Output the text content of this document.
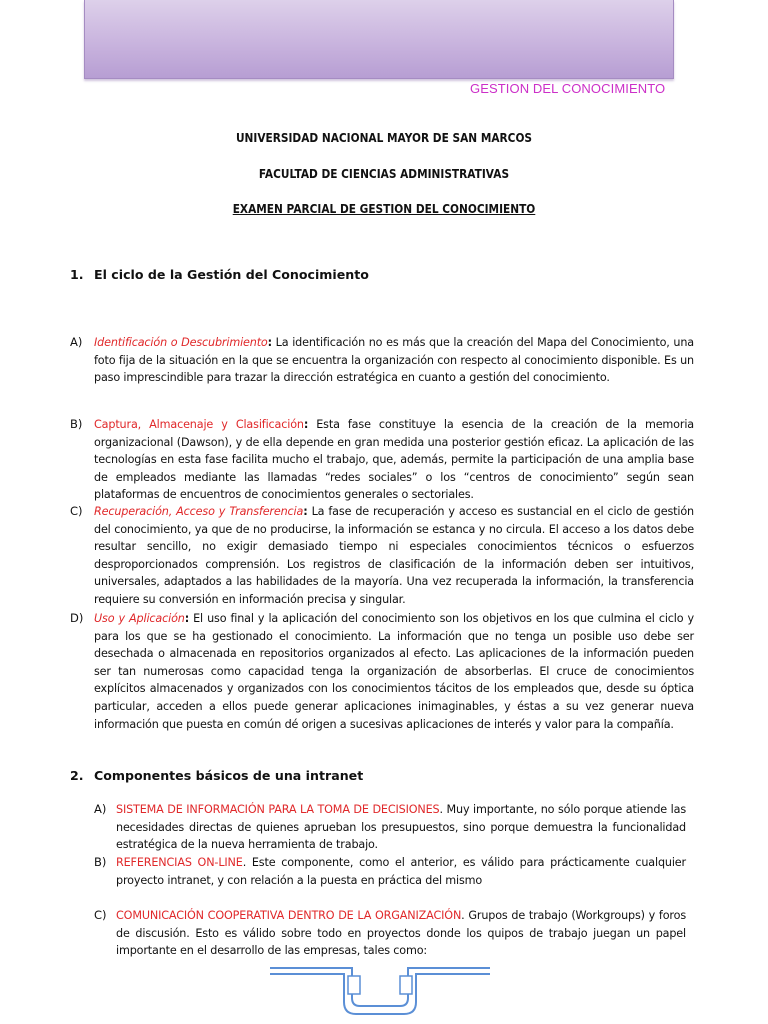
GESTION DEL CONOCIMIENTO
UNIVERSIDAD NACIONAL MAYOR DE SAN MARCOS
FACULTAD DE CIENCIAS ADMINISTRATIVAS
EXAMEN PARCIAL DE GESTION DEL CONOCIMIENTO
1. El ciclo de la Gestión del Conocimiento
A) Identificación o Descubrimiento: La identificación no es más que la creación del Mapa del Conocimiento, una foto fija de la situación en la que se encuentra la organización con respecto al conocimiento disponible. Es un paso imprescindible para trazar la dirección estratégica en cuanto a gestión del conocimiento.
B) Captura, Almacenaje y Clasificación: Esta fase constituye la esencia de la creación de la memoria organizacional (Dawson), y de ella depende en gran medida una posterior gestión eficaz. La aplicación de las tecnologías en esta fase facilita mucho el trabajo, que, además, permite la participación de una amplia base de empleados mediante las llamadas “redes sociales” o los “centros de conocimiento” según sean plataformas de encuentros de conocimientos generales o sectoriales.
C) Recuperación, Acceso y Transferencia: La fase de recuperación y acceso es sustancial en el ciclo de gestión del conocimiento, ya que de no producirse, la información se estanca y no circula. El acceso a los datos debe resultar sencillo, no exigir demasiado tiempo ni especiales conocimientos técnicos o esfuerzos desproporcionados comprensión. Los registros de clasificación de la información deben ser intuitivos, universales, adaptados a las habilidades de la mayoría. Una vez recuperada la información, la transferencia requiere su conversión en información precisa y singular.
D) Uso y Aplicación: El uso final y la aplicación del conocimiento son los objetivos en los que culmina el ciclo y para los que se ha gestionado el conocimiento. La información que no tenga un posible uso debe ser desechada o almacenada en repositorios organizados al efecto. Las aplicaciones de la información pueden ser tan numerosas como capacidad tenga la organización de absorberlas. El cruce de conocimientos explícitos almacenados y organizados con los conocimientos tácitos de los empleados que, desde su óptica particular, acceden a ellos puede generar aplicaciones inimaginables, y éstas a su vez generar nueva información que puesta en común dé origen a sucesivas aplicaciones de interés y valor para la compañía.
2. Componentes básicos de una intranet
A) SISTEMA DE INFORMACIÓN PARA LA TOMA DE DECISIONES. Muy importante, no sólo porque atiende las necesidades directas de quienes aprueban los presupuestos, sino porque demuestra la funcionalidad estratégica de la nueva herramienta de trabajo.
B) REFERENCIAS ON-LINE. Este componente, como el anterior, es válido para prácticamente cualquier proyecto intranet, y con relación a la puesta en práctica del mismo
C) COMUNICACIÓN COOPERATIVA DENTRO DE LA ORGANIZACIÓN. Grupos de trabajo (Workgroups) y foros de discusión. Esto es válido sobre todo en proyectos donde los quipos de trabajo juegan un papel importante en el desarrollo de las empresas, tales como:
